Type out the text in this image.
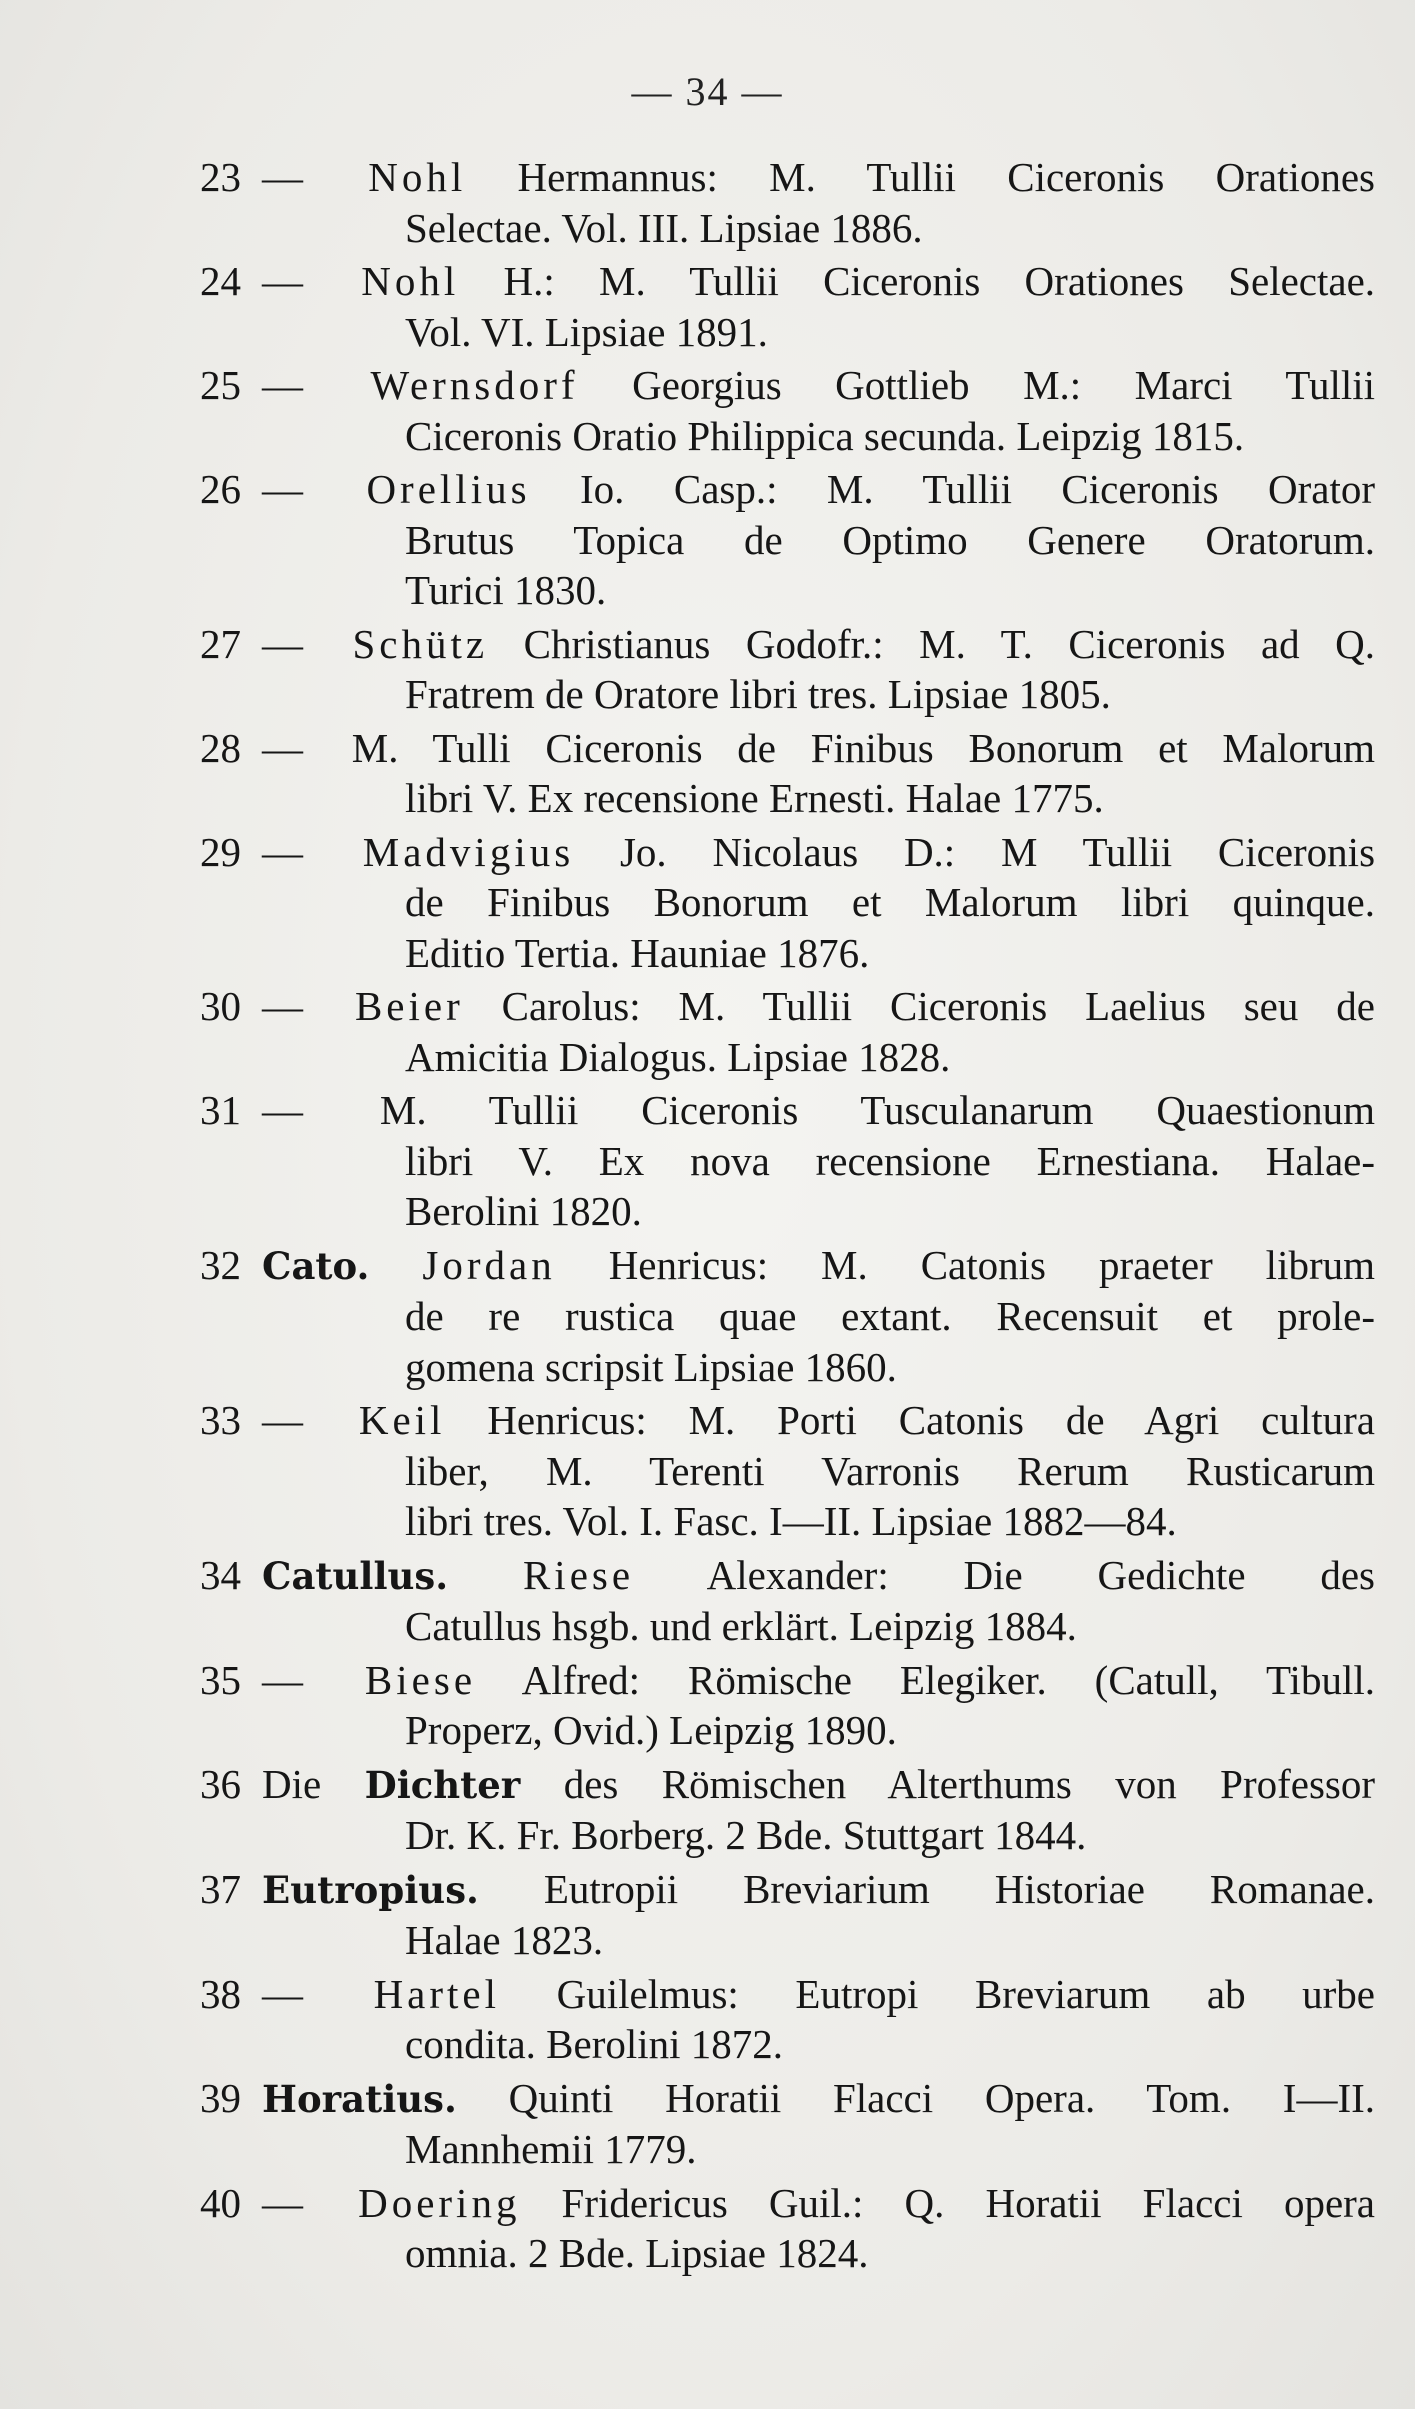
— 34 —
23 — Nohl Hermannus: M. Tullii Ciceronis Orationes
Selectae. Vol. III. Lipsiae 1886.
24 — Nohl H.: M. Tullii Ciceronis Orationes Selectae.
Vol. VI. Lipsiae 1891.
25 — Wernsdorf Georgius Gottlieb M.: Marci Tullii
Ciceronis Oratio Philippica secunda. Leipzig 1815.
26 — Orellius Io. Casp.: M. Tullii Ciceronis Orator
Brutus Topica de Optimo Genere Oratorum.
Turici 1830.
27 — Schütz Christianus Godofr.: M. T. Ciceronis ad Q.
Fratrem de Oratore libri tres. Lipsiae 1805.
28 — M. Tulli Ciceronis de Finibus Bonorum et Malorum
libri V. Ex recensione Ernesti. Halae 1775.
29 — Madvigius Jo. Nicolaus D.: M Tullii Ciceronis
de Finibus Bonorum et Malorum libri quinque.
Editio Tertia. Hauniae 1876.
30 — Beier Carolus: M. Tullii Ciceronis Laelius seu de
Amicitia Dialogus. Lipsiae 1828.
31 — M. Tullii Ciceronis Tusculanarum Quaestionum
libri V. Ex nova recensione Ernestiana. Halae-
Berolini 1820.
32 Cato. Jordan Henricus: M. Catonis praeter librum
de re rustica quae extant. Recensuit et prole-
gomena scripsit Lipsiae 1860.
33 — Keil Henricus: M. Porti Catonis de Agri cultura
liber, M. Terenti Varronis Rerum Rusticarum
libri tres. Vol. I. Fasc. I—II. Lipsiae 1882—84.
34 Catullus. Riese Alexander: Die Gedichte des
Catullus hsgb. und erklärt. Leipzig 1884.
35 — Biese Alfred: Römische Elegiker. (Catull, Tibull.
Properz, Ovid.) Leipzig 1890.
36 Die Dichter des Römischen Alterthums von Professor
Dr. K. Fr. Borberg. 2 Bde. Stuttgart 1844.
37 Eutropius. Eutropii Breviarium Historiae Romanae.
Halae 1823.
38 — Hartel Guilelmus: Eutropi Breviarum ab urbe
condita. Berolini 1872.
39 Horatius. Quinti Horatii Flacci Opera. Tom. I—II.
Mannhemii 1779.
40 — Doering Fridericus Guil.: Q. Horatii Flacci opera
omnia. 2 Bde. Lipsiae 1824.
